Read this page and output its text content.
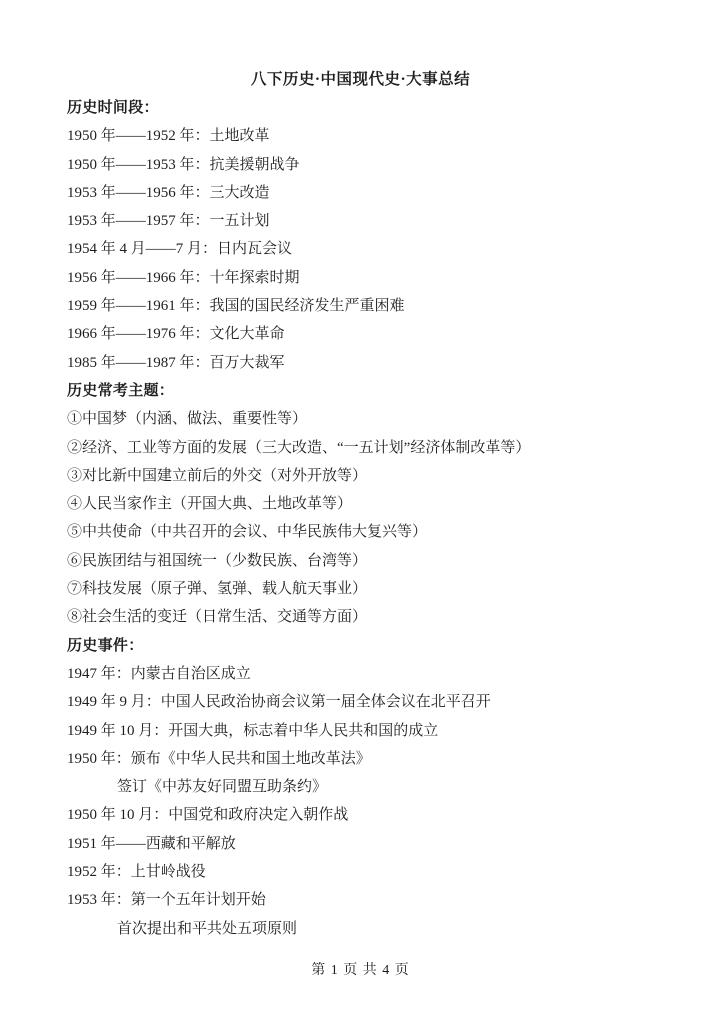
八下历史·中国现代史·大事总结
历史时间段：
1950 年——1952 年：土地改革
1950 年——1953 年：抗美援朝战争
1953 年——1956 年：三大改造
1953 年——1957 年：一五计划
1954 年 4 月——7 月：日内瓦会议
1956 年——1966 年：十年探索时期
1959 年——1961 年：我国的国民经济发生严重困难
1966 年——1976 年：文化大革命
1985 年——1987 年：百万大裁军
历史常考主题：
①中国梦（内涵、做法、重要性等）
②经济、工业等方面的发展（三大改造、“一五计划”经济体制改革等）
③对比新中国建立前后的外交（对外开放等）
④人民当家作主（开国大典、土地改革等）
⑤中共使命（中共召开的会议、中华民族伟大复兴等）
⑥民族团结与祖国统一（少数民族、台湾等）
⑦科技发展（原子弹、氢弹、载人航天事业）
⑧社会生活的变迁（日常生活、交通等方面）
历史事件：
1947 年：内蒙古自治区成立
1949 年 9 月：中国人民政治协商会议第一届全体会议在北平召开
1949 年 10 月：开国大典，标志着中华人民共和国的成立
1950 年：颁布《中华人民共和国土地改革法》
签订《中苏友好同盟互助条约》
1950 年 10 月：中国党和政府决定入朝作战
1951 年——西藏和平解放
1952 年：上甘岭战役
1953 年：第一个五年计划开始
首次提出和平共处五项原则
第 1 页 共 4 页
